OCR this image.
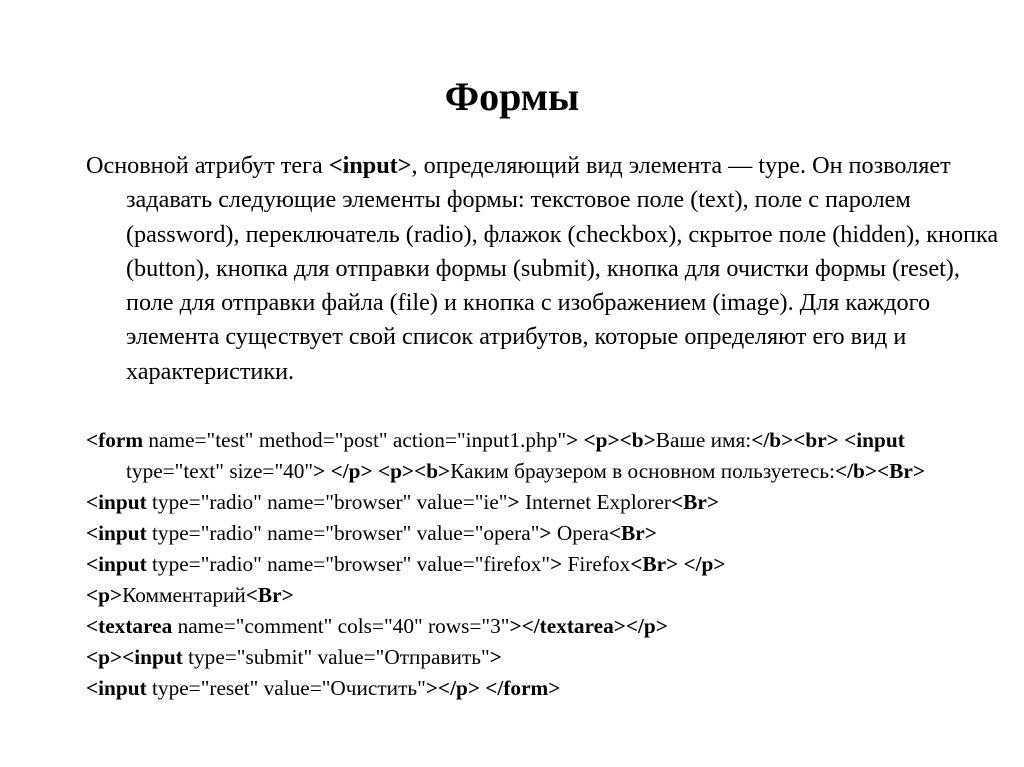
Формы
Основной атрибут тега <input>, определяющий вид элемента — type. Он позволяет задавать следующие элементы формы: текстовое поле (text), поле с паролем (password), переключатель (radio), флажок (checkbox), скрытое поле (hidden), кнопка (button), кнопка для отправки формы (submit), кнопка для очистки формы (reset), поле для отправки файла (file) и кнопка с изображением (image). Для каждого элемента существует свой список атрибутов, которые определяют его вид и характеристики.
<form name="test" method="post" action="input1.php"> <p><b>Ваше имя:</b><br> <input type="text" size="40"> </p> <p><b>Каким браузером в основном пользуетесь:</b><Br>
<input type="radio" name="browser" value="ie"> Internet Explorer<Br>
<input type="radio" name="browser" value="opera"> Opera<Br>
<input type="radio" name="browser" value="firefox"> Firefox<Br> </p>
<p>Комментарий<Br>
<textarea name="comment" cols="40" rows="3"></textarea></p>
<p><input type="submit" value="Отправить">
<input type="reset" value="Очистить"></p> </form>
